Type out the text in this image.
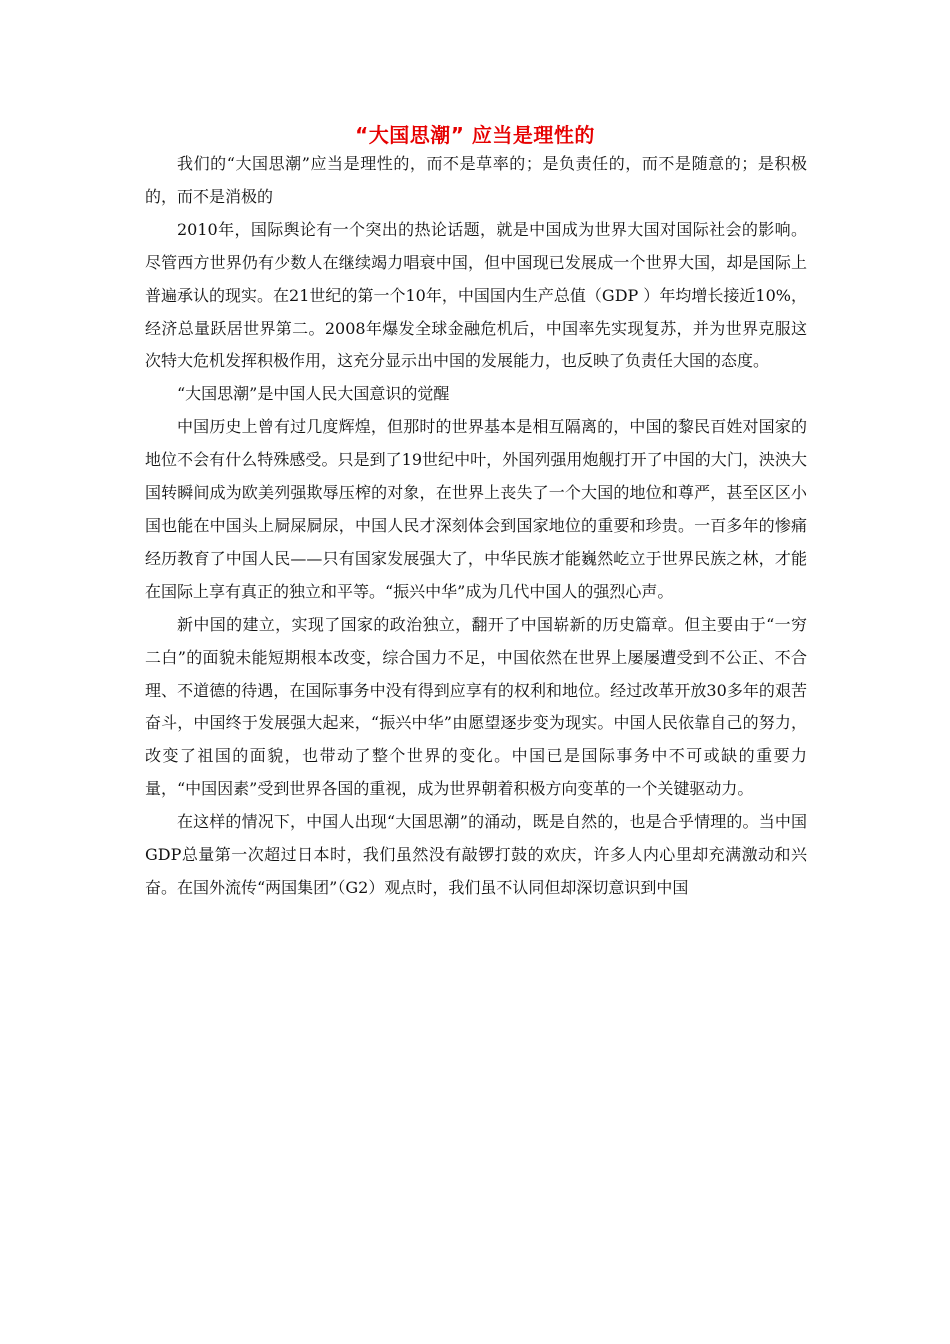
“大国思潮” 应当是理性的

我们的“大国思潮”应当是理性的，而不是草率的；是负责任的，而不是随意的；是积极的，而不是消极的

2010年，国际舆论有一个突出的热论话题，就是中国成为世界大国对国际社会的影响。尽管西方世界仍有少数人在继续竭力唱衰中国，但中国现已发展成一个世界大国，却是国际上普遍承认的现实。在21世纪的第一个10年，中国国内生产总值（GDP ）年均增长接近10%，经济总量跃居世界第二。2008年爆发全球金融危机后，中国率先实现复苏，并为世界克服这次特大危机发挥积极作用，这充分显示出中国的发展能力，也反映了负责任大国的态度。

“大国思潮”是中国人民大国意识的觉醒

中国历史上曾有过几度辉煌，但那时的世界基本是相互隔离的，中国的黎民百姓对国家的地位不会有什么特殊感受。只是到了19世纪中叶，外国列强用炮舰打开了中国的大门，泱泱大国转瞬间成为欧美列强欺辱压榨的对象，在世界上丧失了一个大国的地位和尊严，甚至区区小国也能在中国头上屙屎屙尿，中国人民才深刻体会到国家地位的重要和珍贵。一百多年的惨痛经历教育了中国人民——只有国家发展强大了，中华民族才能巍然屹立于世界民族之林，才能在国际上享有真正的独立和平等。“振兴中华”成为几代中国人的强烈心声。

新中国的建立，实现了国家的政治独立，翻开了中国崭新的历史篇章。但主要由于“一穷二白”的面貌未能短期根本改变，综合国力不足，中国依然在世界上屡屡遭受到不公正、不合理、不道德的待遇，在国际事务中没有得到应享有的权利和地位。经过改革开放30多年的艰苦奋斗，中国终于发展强大起来，“振兴中华”由愿望逐步变为现实。中国人民依靠自己的努力，改变了祖国的面貌，也带动了整个世界的变化。中国已是国际事务中不可或缺的重要力量，“中国因素”受到世界各国的重视，成为世界朝着积极方向变革的一个关键驱动力。

在这样的情况下，中国人出现“大国思潮”的涌动，既是自然的，也是合乎情理的。当中国GDP总量第一次超过日本时，我们虽然没有敲锣打鼓的欢庆，许多人内心里却充满激动和兴奋。在国外流传“两国集团”（G2）观点时，我们虽不认同但却深切意识到中国
